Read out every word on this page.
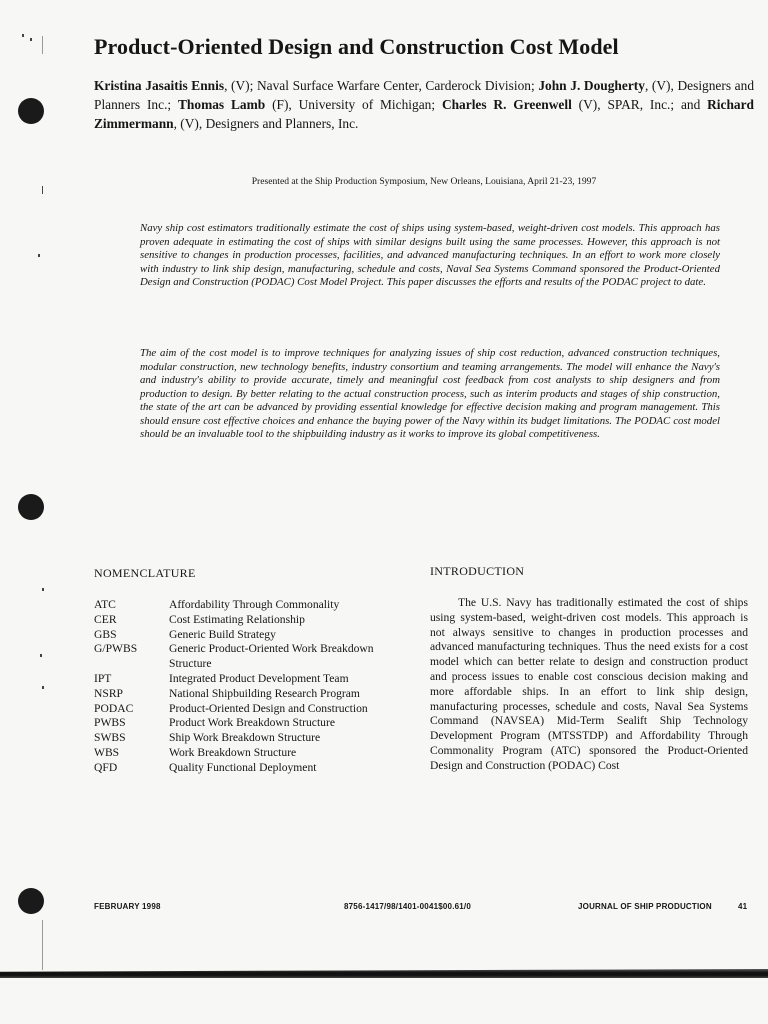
Product-Oriented Design and Construction Cost Model

Kristina Jasaitis Ennis, (V); Naval Surface Warfare Center, Carderock Division; John J. Dougherty, (V), Designers and Planners Inc.; Thomas Lamb (F), University of Michigan; Charles R. Greenwell (V), SPAR, Inc.; and Richard Zimmermann, (V), Designers and Planners, Inc.

Presented at the Ship Production Symposium, New Orleans, Louisiana, April 21-23, 1997

Navy ship cost estimators traditionally estimate the cost of ships using system-based, weight-driven cost models. This approach has proven adequate in estimating the cost of ships with similar designs built using the same processes. However, this approach is not sensitive to changes in production processes, facilities, and advanced manufacturing techniques. In an effort to work more closely with industry to link ship design, manufacturing, schedule and costs, Naval Sea Systems Command sponsored the Product-Oriented Design and Construction (PODAC) Cost Model Project. This paper discusses the efforts and results of the PODAC project to date.

The aim of the cost model is to improve techniques for analyzing issues of ship cost reduction, advanced construction techniques, modular construction, new technology benefits, industry consortium and teaming arrangements. The model will enhance the Navy's and industry's ability to provide accurate, timely and meaningful cost feedback from cost analysts to ship designers and from production to design. By better relating to the actual construction process, such as interim products and stages of ship construction, the state of the art can be advanced by providing essential knowledge for effective decision making and program management. This should ensure cost effective choices and enhance the buying power of the Navy within its budget limitations. The PODAC cost model should be an invaluable tool to the shipbuilding industry as it works to improve its global competitiveness.

NOMENCLATURE
ATC	Affordability Through Commonality
CER	Cost Estimating Relationship
GBS	Generic Build Strategy
G/PWBS	Generic Product-Oriented Work Breakdown Structure
IPT	Integrated Product Development Team
NSRP	National Shipbuilding Research Program
PODAC	Product-Oriented Design and Construction
PWBS	Product Work Breakdown Structure
SWBS	Ship Work Breakdown Structure
WBS	Work Breakdown Structure
QFD	Quality Functional Deployment
INTRODUCTION

The U.S. Navy has traditionally estimated the cost of ships using system-based, weight-driven cost models. This approach is not always sensitive to changes in production processes and advanced manufacturing techniques. Thus the need exists for a cost model which can better relate to design and construction product and process issues to enable cost conscious decision making and more affordable ships. In an effort to link ship design, manufacturing processes, schedule and costs, Naval Sea Systems Command (NAVSEA) Mid-Term Sealift Ship Technology Development Program (MTSSTDP) and Affordability Through Commonality Program (ATC) sponsored the Product-Oriented Design and Construction (PODAC) Cost

FEBRUARY 1998	8756-1417/98/1401-0041$00.61/0	JOURNAL OF SHIP PRODUCTION	41
